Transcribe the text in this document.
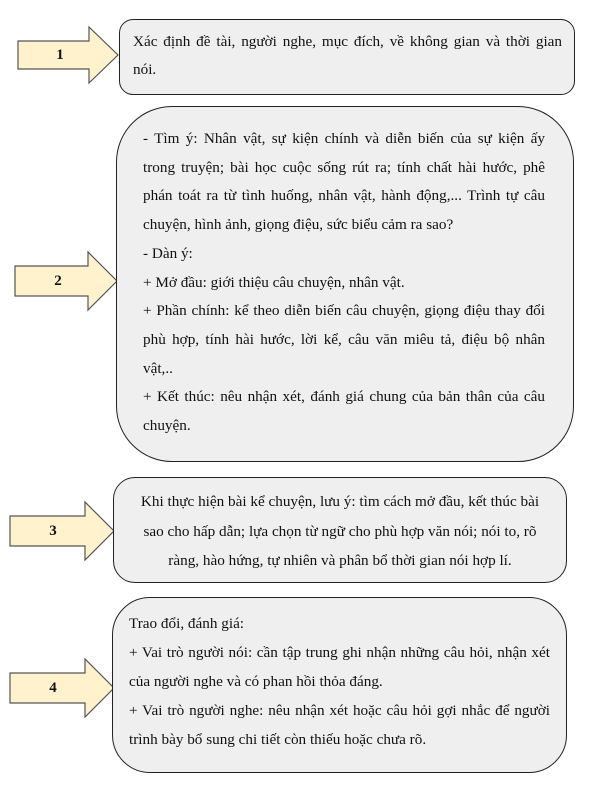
1

Xác định đề tài, người nghe, mục đích, về không gian và thời gian nói.

2

- Tìm ý: Nhân vật, sự kiện chính và diễn biến của sự kiện ấy trong truyện; bài học cuộc sống rút ra; tính chất hài hước, phê phán toát ra từ tình huống, nhân vật, hành động,... Trình tự câu chuyện, hình ảnh, giọng điệu, sức biểu cảm ra sao?

- Dàn ý:

+ Mở đầu: giới thiệu câu chuyện, nhân vật.

+ Phần chính: kể theo diễn biến câu chuyện, giọng điệu thay đổi phù hợp, tính hài hước, lời kể, câu văn miêu tả, điệu bộ nhân vật,..

+ Kết thúc: nêu nhận xét, đánh giá chung của bản thân của câu chuyện.

3

Khi thực hiện bài kể chuyện, lưu ý: tìm cách mở đầu, kết thúc bài sao cho hấp dẫn; lựa chọn từ ngữ cho phù hợp văn nói; nói to, rõ ràng, hào hứng, tự nhiên và phân bổ thời gian nói hợp lí.

4

Trao đổi, đánh giá:

+ Vai trò người nói: cần tập trung ghi nhận những câu hỏi, nhận xét của người nghe và có phan hồi thỏa đáng.

+ Vai trò người nghe: nêu nhận xét hoặc câu hỏi gợi nhắc để người trình bày bổ sung chi tiết còn thiếu hoặc chưa rõ.
